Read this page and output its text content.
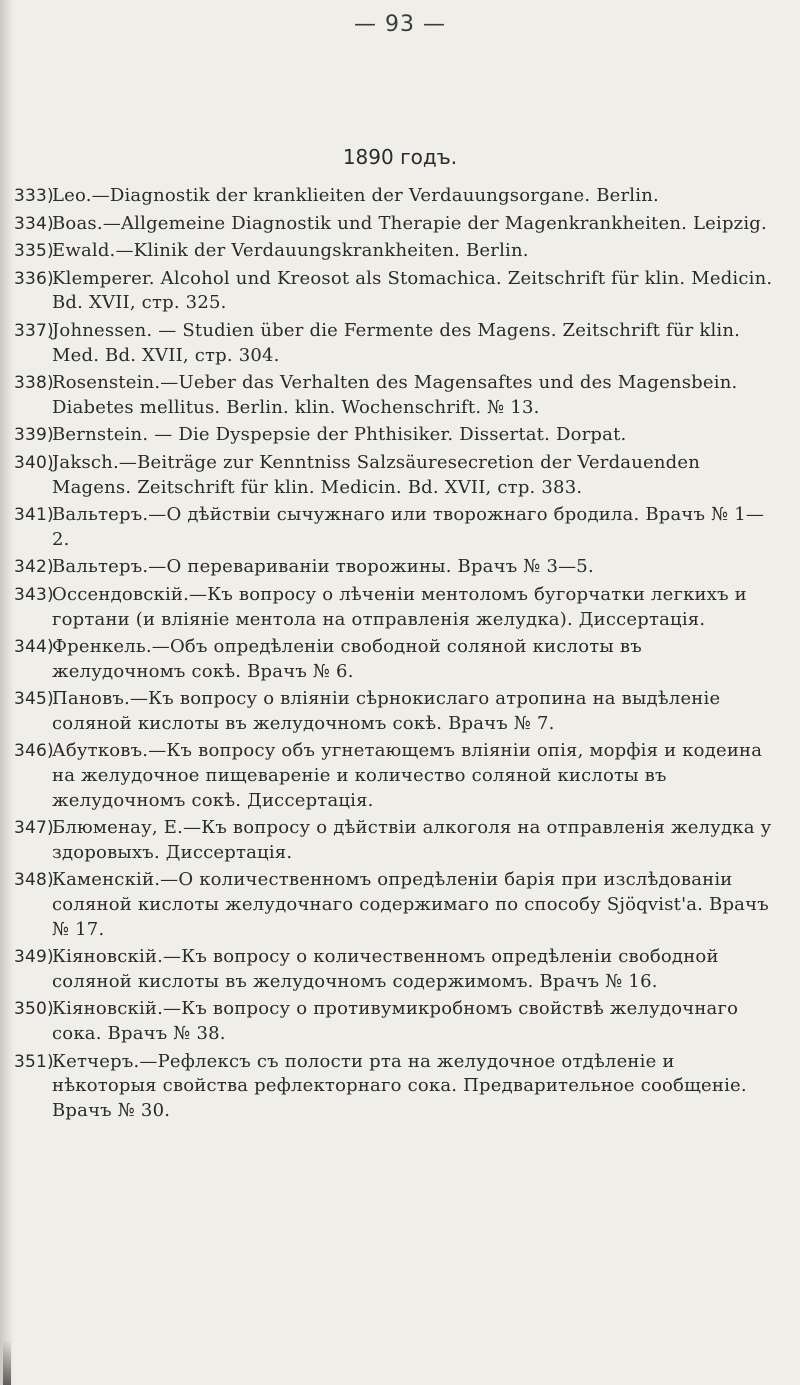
— 93 —
1890 годъ.
333)
Leo.—Diagnostik der kranklieiten der Verdauungsorgane. Berlin.
334)
Boas.—Allgemeine Diagnostik und Therapie der Magenkrankheiten. Leipzig.
335)
Ewald.—Klinik der Verdauungskrankheiten. Berlin.
336)
Klemperer. Alcohol und Kreosot als Stomachica. Zeitschrift für klin. Medicin. Bd. XVII, стр. 325.
337)
Johnessen. — Studien über die Fermente des Magens. Zeitschrift für klin. Med. Bd. XVII, стр. 304.
338)
Rosenstein.—Ueber das Verhalten des Magensaftes und des Magensbein. Diabetes mellitus. Berlin. klin. Wochenschrift. № 13.
339)
Bernstein. — Die Dyspepsie der Phthisiker. Dissertat. Dorpat.
340)
Jaksch.—Beiträge zur Kenntniss Salzsäuresecretion der Verdauenden Magens. Zeitschrift für klin. Medicin. Bd. XVII, стр. 383.
341)
Вальтеръ.—О дѣйствіи сычужнаго или творожнаго бродила. Врачъ № 1—2.
342)
Вальтеръ.—О переваривaніи творожины. Врачъ № 3—5.
343)
Оссендовскій.—Къ вопросу о лѣченіи ментоломъ бугорчатки легкихъ и гортани (и вліяніе ментола на отправленія желудка). Диссертація.
344)
Френкель.—Объ опредѣленіи свободной соляной кислоты въ желудочномъ сокѣ. Врачъ № 6.
345)
Пановъ.—Къ вопросу о вліяніи сѣрнокислаго атропина на выдѣленіе соляной кислоты въ желудочномъ сокѣ. Врачъ № 7.
346)
Абутковъ.—Къ вопросу объ угнетающемъ вліяніи опія, морфія и кодеина на желудочное пищевареніе и количество соляной кислоты въ желудочномъ сокѣ. Диссертація.
347)
Блюменау, Е.—Къ вопросу о дѣйствіи алкоголя на отправленія желудка у здоровыхъ. Диссертація.
348)
Каменскій.—О количественномъ опредѣленіи барія при изслѣдованіи соляной кислоты желудочнаго содержимаго по способу Sjöqvist'а. Врачъ № 17.
349)
Кіяновскій.—Къ вопросу о количественномъ опредѣленіи свободной соляной кислоты въ желудочномъ содержимомъ. Врачъ № 16.
350)
Кіяновскій.—Къ вопросу о противумикробномъ свойствѣ желудочнаго сока. Врачъ № 38.
351)
Кетчеръ.—Рефлексъ съ полости рта на желудочное отдѣленіе и нѣкоторыя свойства рефлекторнаго сока. Предварительное сообщеніе. Врачъ № 30.
